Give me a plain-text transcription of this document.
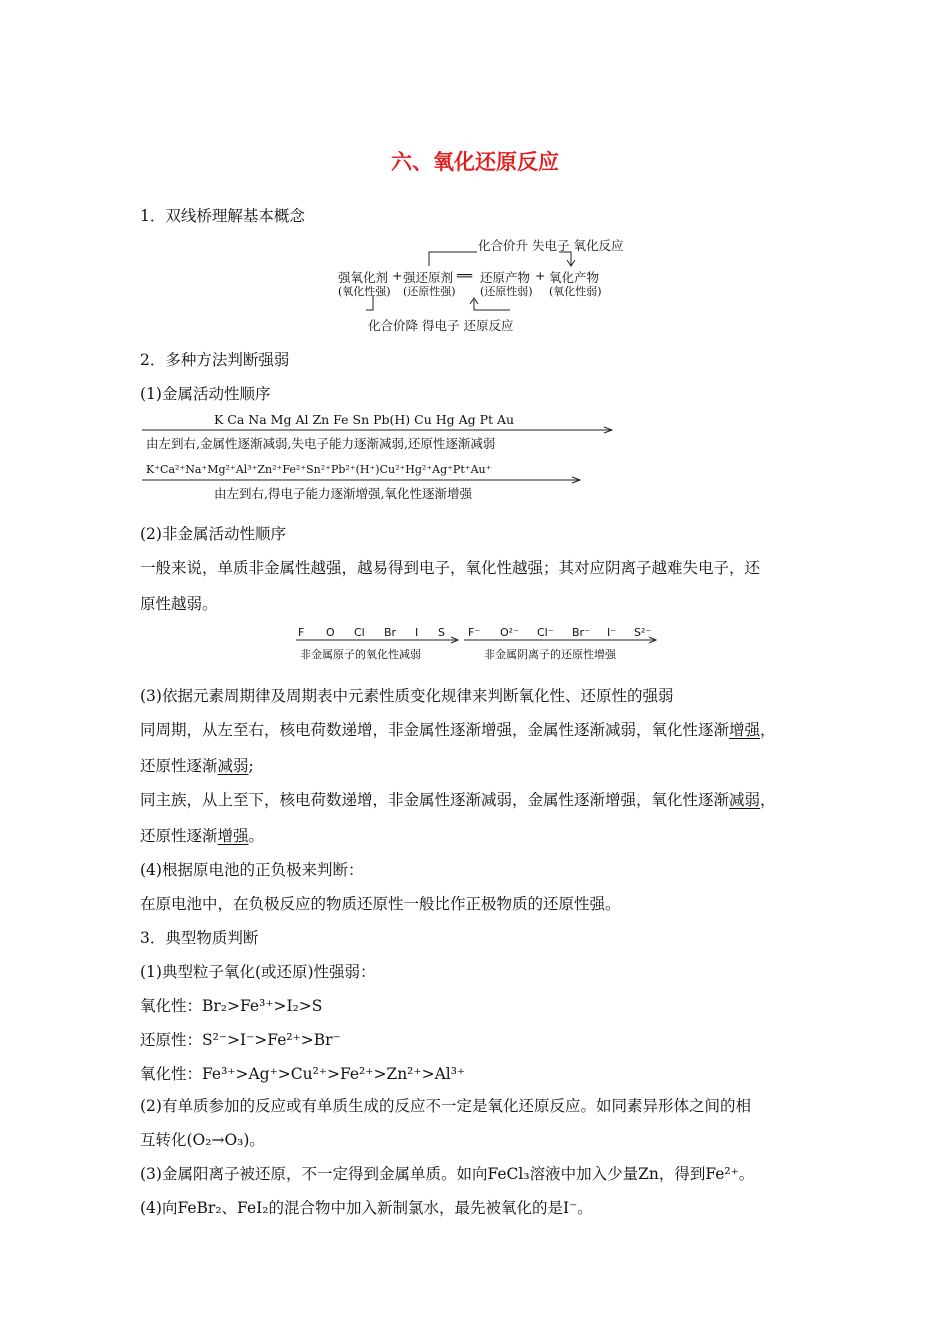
六、氧化还原反应
1．双线桥理解基本概念
化合价升 失电子 氧化反应
强氧化剂 + 强还原剂 ══ 还原产物 + 氧化产物
(氧化性强) (还原性强) (还原性弱) (氧化性弱)
化合价降 得电子 还原反应
2．多种方法判断强弱
(1)金属活动性顺序
K Ca Na Mg Al Zn Fe Sn Pb(H) Cu Hg Ag Pt Au
由左到右,金属性逐渐减弱,失电子能力逐渐减弱,还原性逐渐减弱
K⁺Ca²⁺Na⁺Mg²⁺Al³⁺Zn²⁺Fe²⁺Sn²⁺Pb²⁺(H⁺)Cu²⁺Hg²⁺Ag⁺Pt⁺Au⁺
由左到右,得电子能力逐渐增强,氧化性逐渐增强
(2)非金属活动性顺序
一般来说，单质非金属性越强，越易得到电子，氧化性越强；其对应阴离子越难失电子，还
原性越弱。
F O Cl Br I S
非金属原子的氧化性减弱
F⁻ O²⁻ Cl⁻ Br⁻ I⁻ S²⁻
非金属阴离子的还原性增强
(3)依据元素周期律及周期表中元素性质变化规律来判断氧化性、还原性的强弱
同周期，从左至右，核电荷数递增，非金属性逐渐增强，金属性逐渐减弱，氧化性逐渐增强，
还原性逐渐减弱;
同主族，从上至下，核电荷数递增，非金属性逐渐减弱，金属性逐渐增强，氧化性逐渐减弱，
还原性逐渐增强。
(4)根据原电池的正负极来判断：
在原电池中，在负极反应的物质还原性一般比作正极物质的还原性强。
3．典型物质判断
(1)典型粒子氧化(或还原)性强弱：
氧化性：Br₂>Fe³⁺>I₂>S
还原性：S²⁻>I⁻>Fe²⁺>Br⁻
氧化性：Fe³⁺>Ag⁺>Cu²⁺>Fe²⁺>Zn²⁺>Al³⁺
(2)有单质参加的反应或有单质生成的反应不一定是氧化还原反应。如同素异形体之间的相
互转化(O₂→O₃)。
(3)金属阳离子被还原，不一定得到金属单质。如向FeCl₃溶液中加入少量Zn，得到Fe²⁺。
(4)向FeBr₂、FeI₂的混合物中加入新制氯水，最先被氧化的是I⁻。
